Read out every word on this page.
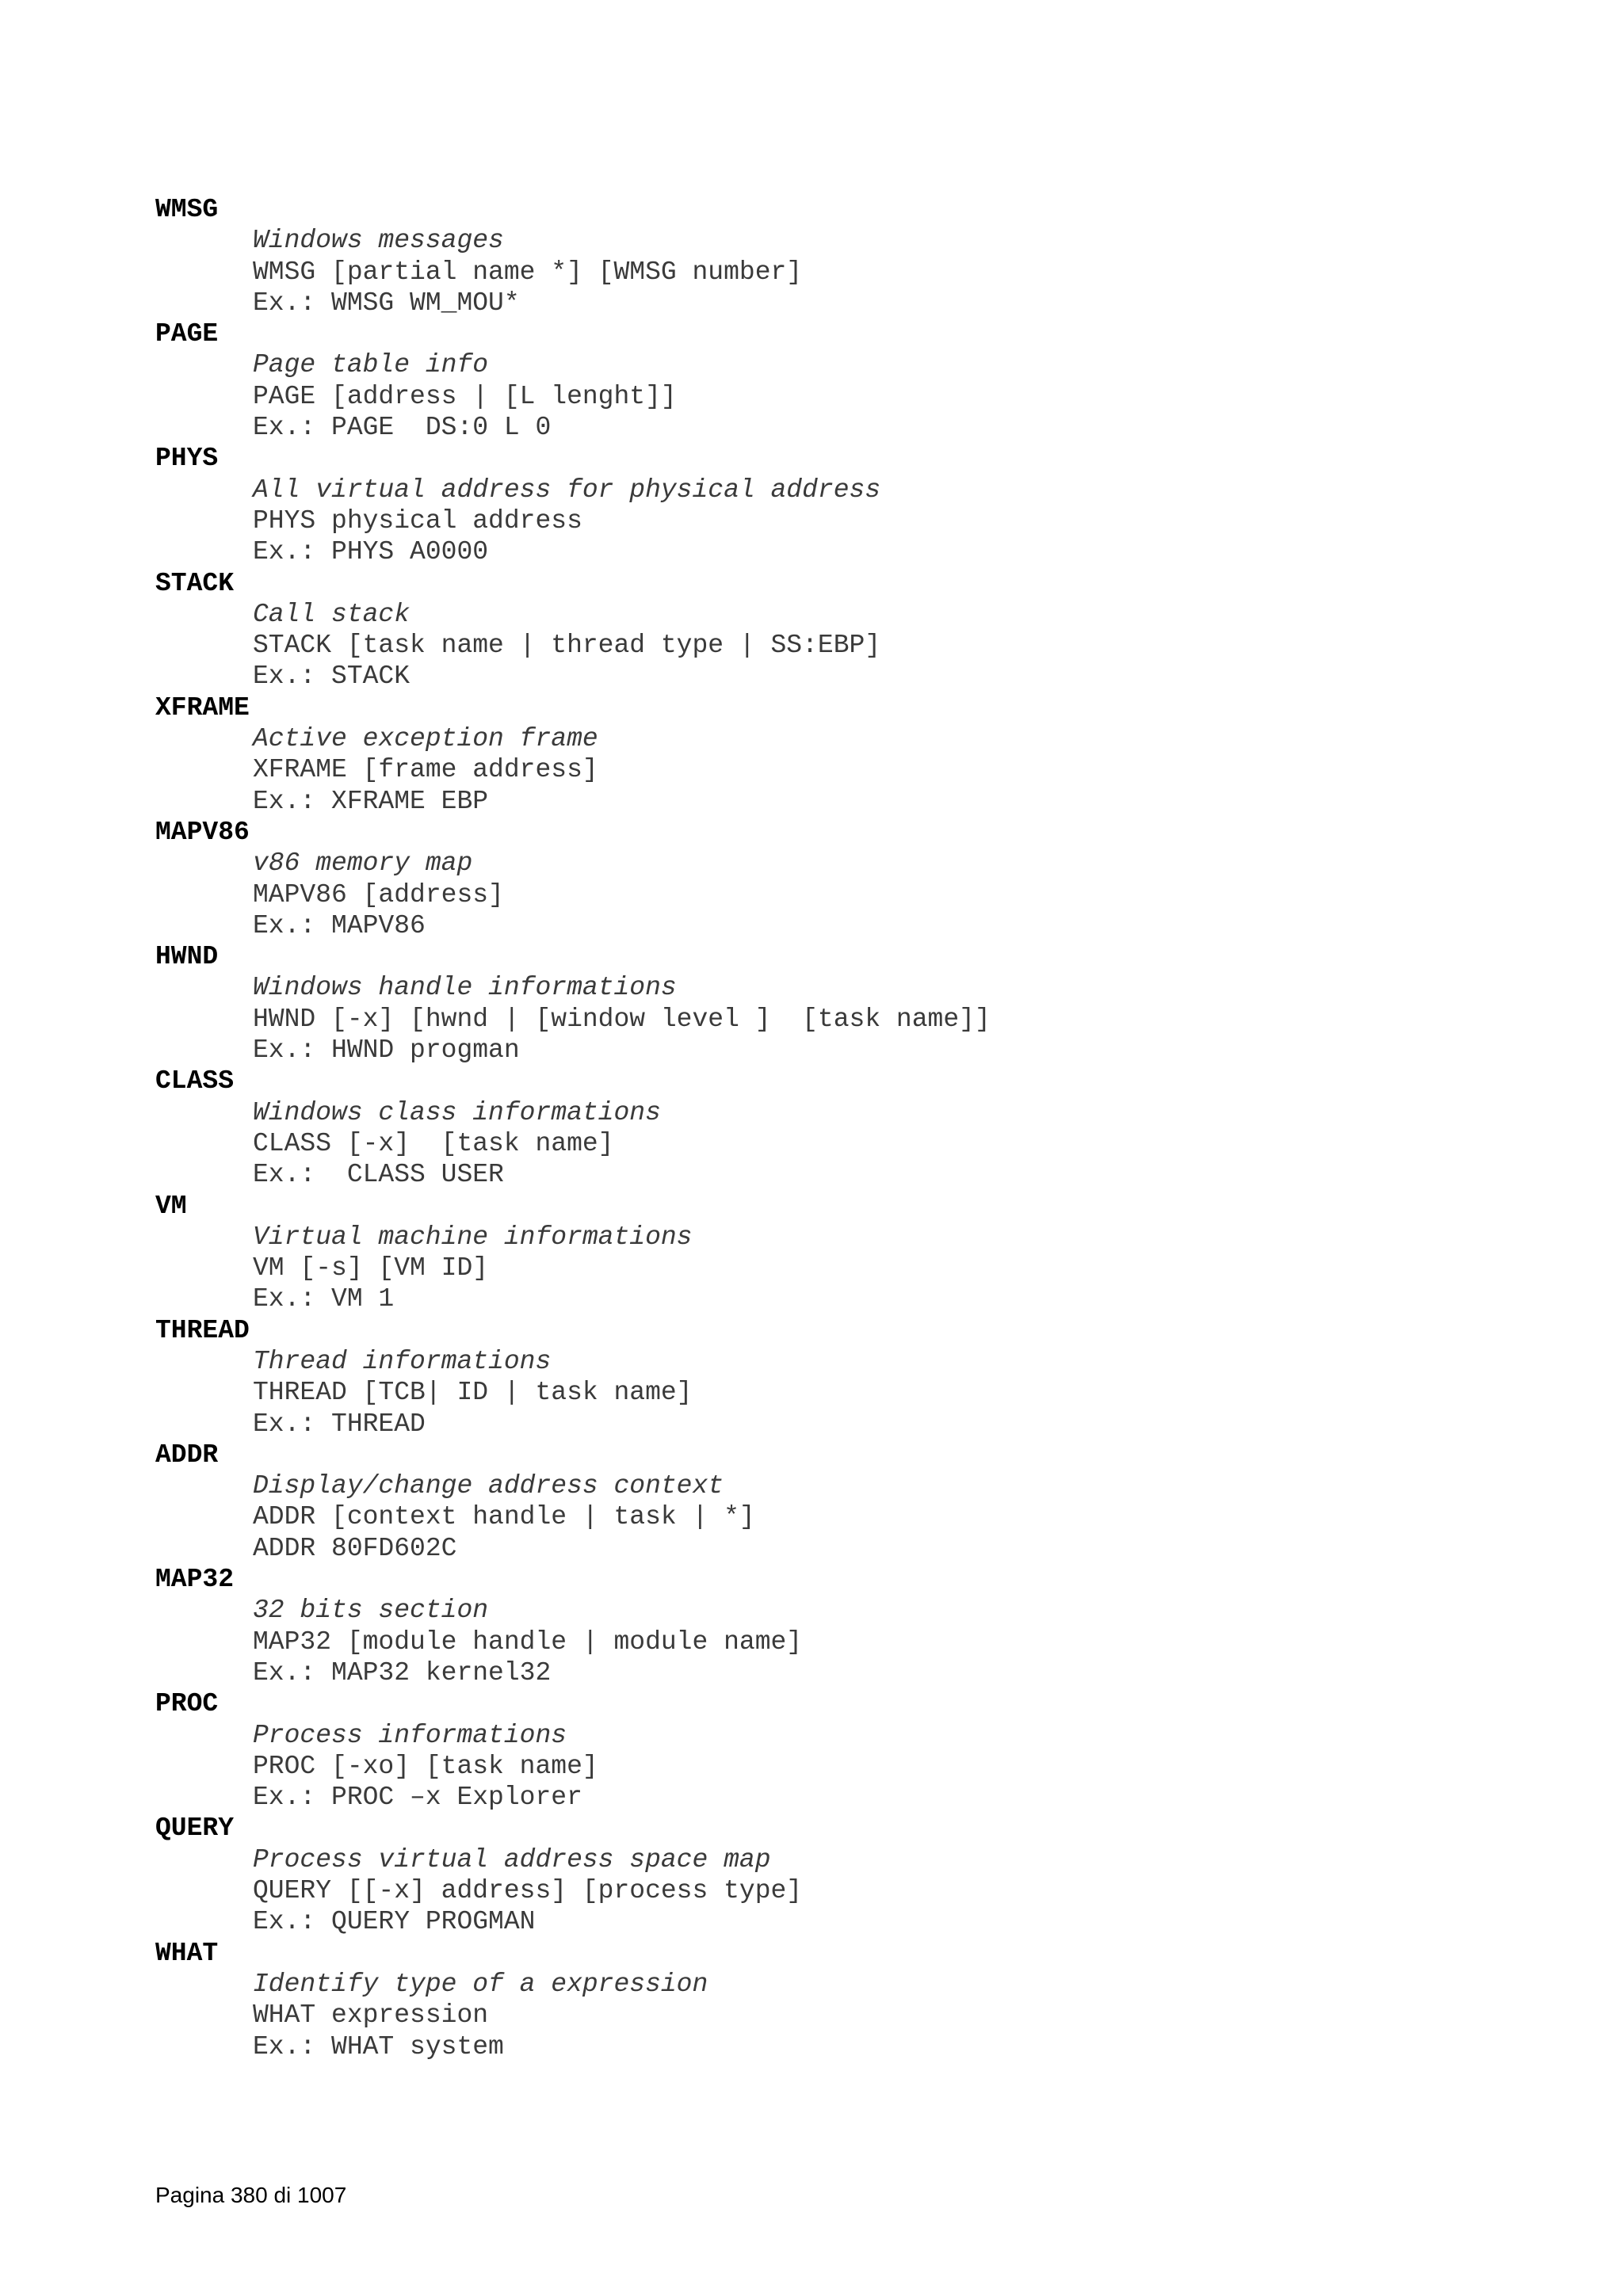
WMSG
Windows messages
WMSG [partial name *] [WMSG number]
Ex.: WMSG WM_MOU*
PAGE
Page table info
PAGE [address | [L lenght]]
Ex.: PAGE  DS:0 L 0
PHYS
All virtual address for physical address
PHYS physical address
Ex.: PHYS A0000
STACK
Call stack
STACK [task name | thread type | SS:EBP]
Ex.: STACK
XFRAME
Active exception frame
XFRAME [frame address]
Ex.: XFRAME EBP
MAPV86
v86 memory map
MAPV86 [address]
Ex.: MAPV86
HWND
Windows handle informations
HWND [-x] [hwnd | [window level ]  [task name]]
Ex.: HWND progman
CLASS
Windows class informations
CLASS [-x]  [task name]
Ex.:  CLASS USER
VM
Virtual machine informations
VM [-s] [VM ID]
Ex.: VM 1
THREAD
Thread informations
THREAD [TCB| ID | task name]
Ex.: THREAD
ADDR
Display/change address context
ADDR [context handle | task | *]
ADDR 80FD602C
MAP32
32 bits section
MAP32 [module handle | module name]
Ex.: MAP32 kernel32
PROC
Process informations
PROC [-xo] [task name]
Ex.: PROC –x Explorer
QUERY
Process virtual address space map
QUERY [[-x] address] [process type]
Ex.: QUERY PROGMAN
WHAT
Identify type of a expression
WHAT expression
Ex.: WHAT system
Pagina 380 di 1007
